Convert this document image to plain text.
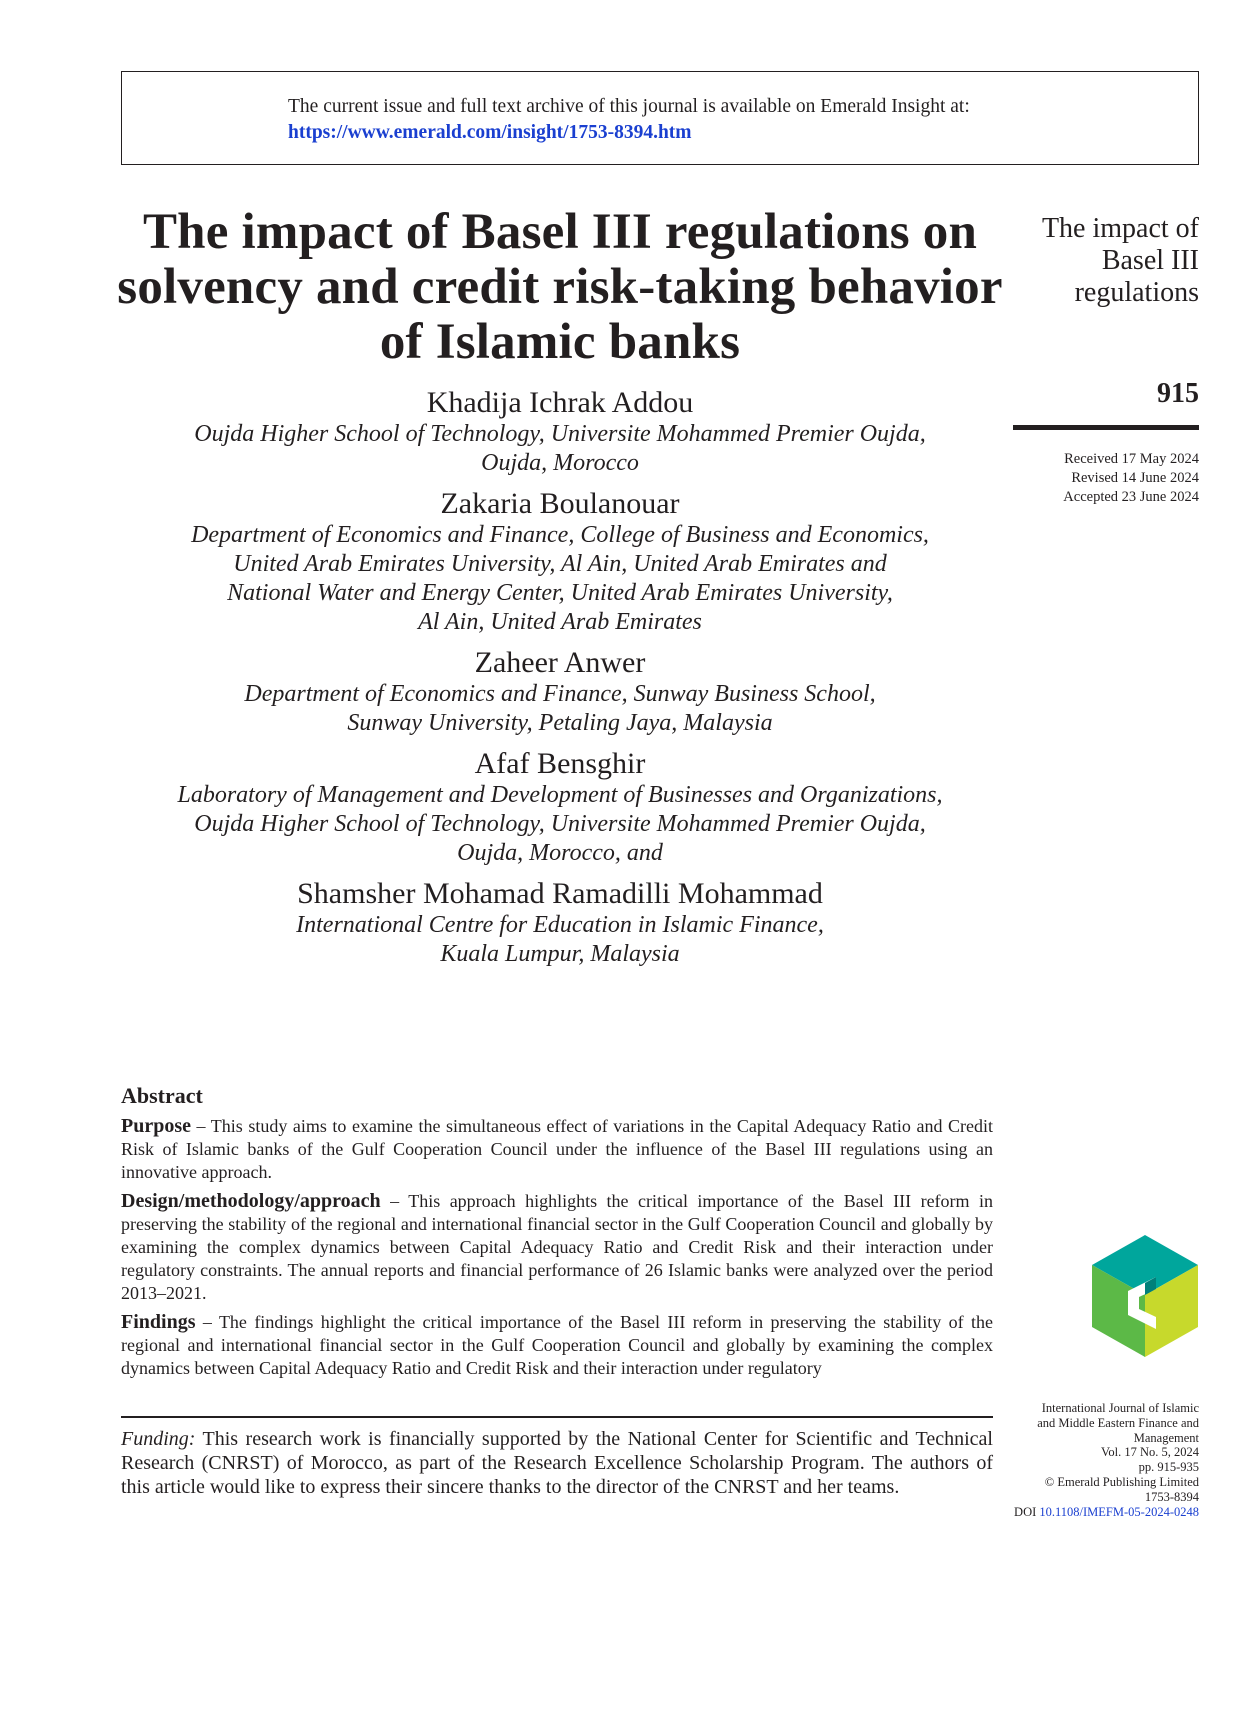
The current issue and full text archive of this journal is available on Emerald Insight at:
https://www.emerald.com/insight/1753-8394.htm
The impact of Basel III regulations on solvency and credit risk-taking behavior of Islamic banks
The impact of Basel III regulations
915
Received 17 May 2024
Revised 14 June 2024
Accepted 23 June 2024
Khadija Ichrak Addou
Oujda Higher School of Technology, Universite Mohammed Premier Oujda,
Oujda, Morocco
Zakaria Boulanouar
Department of Economics and Finance, College of Business and Economics,
United Arab Emirates University, Al Ain, United Arab Emirates and
National Water and Energy Center, United Arab Emirates University,
Al Ain, United Arab Emirates
Zaheer Anwer
Department of Economics and Finance, Sunway Business School,
Sunway University, Petaling Jaya, Malaysia
Afaf Bensghir
Laboratory of Management and Development of Businesses and Organizations,
Oujda Higher School of Technology, Universite Mohammed Premier Oujda,
Oujda, Morocco, and
Shamsher Mohamad Ramadilli Mohammad
International Centre for Education in Islamic Finance,
Kuala Lumpur, Malaysia
Abstract

Purpose – This study aims to examine the simultaneous effect of variations in the Capital Adequacy Ratio and Credit Risk of Islamic banks of the Gulf Cooperation Council under the influence of the Basel III regulations using an innovative approach.

Design/methodology/approach – This approach highlights the critical importance of the Basel III reform in preserving the stability of the regional and international financial sector in the Gulf Cooperation Council and globally by examining the complex dynamics between Capital Adequacy Ratio and Credit Risk and their interaction under regulatory constraints. The annual reports and financial performance of 26 Islamic banks were analyzed over the period 2013–2021.

Findings – The findings highlight the critical importance of the Basel III reform in preserving the stability of the regional and international financial sector in the Gulf Cooperation Council and globally by examining the complex dynamics between Capital Adequacy Ratio and Credit Risk and their interaction under regulatory

Funding: This research work is financially supported by the National Center for Scientific and Technical Research (CNRST) of Morocco, as part of the Research Excellence Scholarship Program. The authors of this article would like to express their sincere thanks to the director of the CNRST and her teams.

International Journal of Islamic
and Middle Eastern Finance and
Management
Vol. 17 No. 5, 2024
pp. 915-935
© Emerald Publishing Limited
1753-8394
DOI 10.1108/IMEFM-05-2024-0248
